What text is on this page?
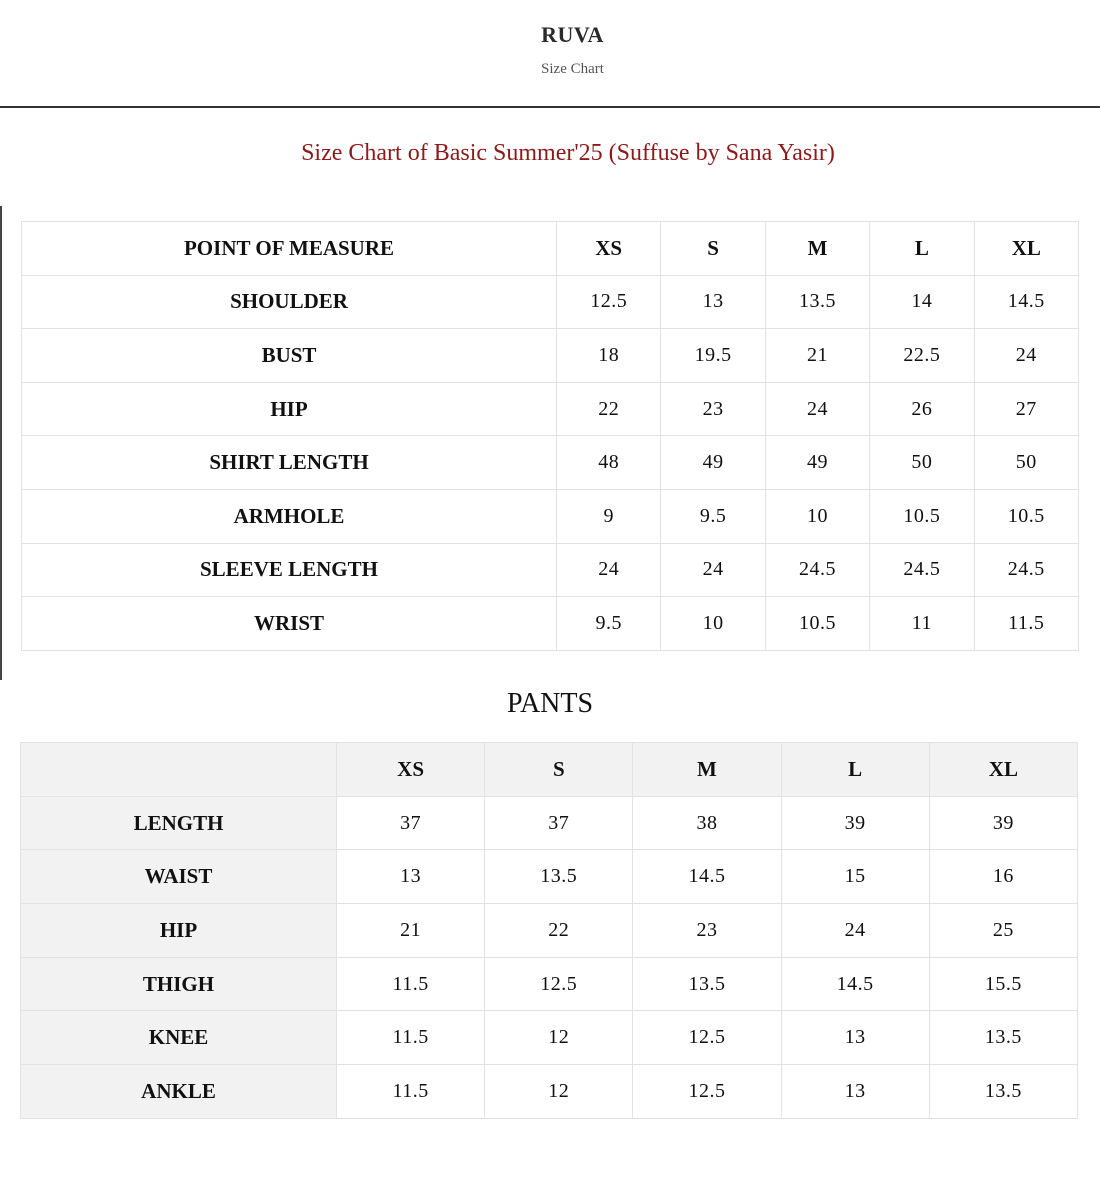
RUVA
Size Chart
Size Chart of Basic Summer'25 (Suffuse by Sana Yasir)
POINT OF MEASURE	XS	S	M	L	XL
SHOULDER	12.5	13	13.5	14	14.5
BUST	18	19.5	21	22.5	24
HIP	22	23	24	26	27
SHIRT LENGTH	48	49	49	50	50
ARMHOLE	9	9.5	10	10.5	10.5
SLEEVE LENGTH	24	24	24.5	24.5	24.5
WRIST	9.5	10	10.5	11	11.5
PANTS
	XS	S	M	L	XL
LENGTH	37	37	38	39	39
WAIST	13	13.5	14.5	15	16
HIP	21	22	23	24	25
THIGH	11.5	12.5	13.5	14.5	15.5
KNEE	11.5	12	12.5	13	13.5
ANKLE	11.5	12	12.5	13	13.5
